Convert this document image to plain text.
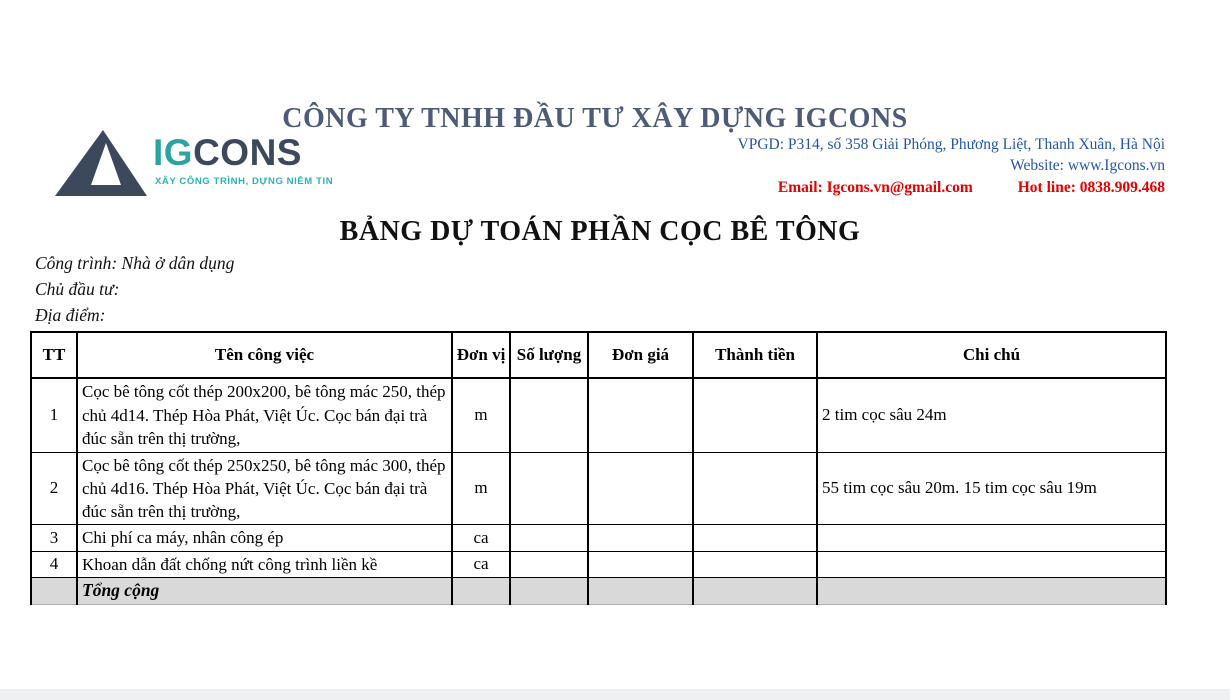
IGCONS
XÂY CÔNG TRÌNH, DỰNG NIỀM TIN
CÔNG TY TNHH ĐẦU TƯ XÂY DỰNG IGCONS
VPGD: P314, số 358 Giải Phóng, Phương Liệt, Thanh Xuân, Hà Nội
Website: www.Igcons.vn
Email: Igcons.vn@gmail.com	Hot line: 0838.909.468
BẢNG DỰ TOÁN PHẦN CỌC BÊ TÔNG
Công trình: Nhà ở dân dụng
Chủ đầu tư:
Địa điểm:
TT	Tên công việc	Đơn vị	Số lượng	Đơn giá	Thành tiền	Chi chú
1	Cọc bê tông cốt thép 200x200, bê tông mác 250, thép chủ 4d14. Thép Hòa Phát, Việt Úc. Cọc bán đại trà đúc sẵn trên thị trường,	m				2 tim cọc sâu 24m
2	Cọc bê tông cốt thép 250x250, bê tông mác 300, thép chủ 4d16. Thép Hòa Phát, Việt Úc. Cọc bán đại trà đúc sẵn trên thị trường,	m				55 tim cọc sâu 20m. 15 tim cọc sâu 19m
3	Chi phí ca máy, nhân công ép	ca				
4	Khoan dẫn đất chống nứt công trình liền kề	ca				
	Tổng cộng					
